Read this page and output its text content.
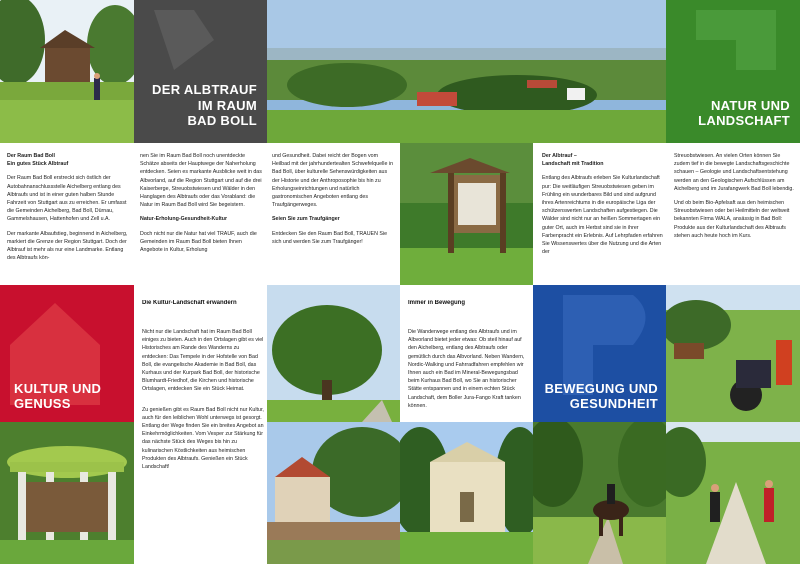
DER ALBTRAUF
IM RAUM
BAD BOLL
NATUR UND
LANDSCHAFT
Der Raum Bad Boll
Ein gutes Stück Albtrauf
Der Raum Bad Boll erstreckt sich östlich der Autobahnanschlussstelle Aichelberg entlang des Albtraufs und ist in einer guten halben Stunde Fahrzeit von Stuttgart aus zu erreichen. Er umfasst die Gemeinden Aichelberg, Bad Boll, Dürnau, Gammelshausen, Hattenhofen und Zell u.A.
Der markante Albaufstieg, beginnend in Aichelberg, markiert die Grenze der Region Stuttgart. Doch der Albtrauf ist mehr als nur eine Landmarke. Entlang des Albtraufs kön-
nen Sie im Raum Bad Boll noch unentdeckte Schätze abseits der Hauptwege der Naherholung entdecken. Seien es markante Ausblicke weit in das Albvorland, auf die Region Stuttgart und auf die drei Kaiserberge, Streuobstwiesen und Wälder in den Hanglagen des Albtraufs oder das Vorabland: die Natur im Raum Bad Boll wird Sie begeistern.
Natur-Erholung-Gesundheit-Kultur
Doch nicht nur die Natur hat viel TRAUF, auch die Gemeinden im Raum Bad Boll bieten Ihnen Angebote in Kultur, Erholung
und Gesundheit. Dabei reicht der Bogen vom Heilbad mit der jahrhundertealten Schwefelquelle in Bad Boll, über kulturelle Sehenswürdigkeiten aus der Historie und der Anthroposophie bis hin zu Erholungseinrichtungen und natürlich gastronomischen Angeboten entlang des Traufgängerweges.
Seien Sie zum Traufgänger
Entdecken Sie den Raum Bad Boll, TRAUEN Sie sich und werden Sie zum Traufgänger!
Der Albtrauf –
Landschaft mit Tradition
Entlang des Albtraufs erleben Sie Kulturlandschaft pur: Die weitläufigen Streuobstwiesen geben im Frühling ein wunderbares Bild und sind aufgrund ihres Artenreichtums in die europäische Liga der schützenswerten Landschaften aufgestiegen. Die Wälder sind nicht nur an heißen Sommertagen ein guter Ort, auch im Herbst sind sie in ihrer Farbenpracht ein Erlebnis. Auf Lehrpfaden erfahren Sie Wissenswertes über die Nutzung und die Arten der
Streuobstwiesen. An vielen Orten können Sie zudem tief in die bewegte Landschaftsgeschichte schauen – Geologie und Landschaftsentstehung werden an den Geologischen Aufschlüssen am Aichelberg und im Jurafangwerk Bad Boll lebendig.
Und ob beim Bio-Apfelsaft aus den heimischen Streuobstwiesen oder bei Heilmitteln der weltweit bekannten Firma WALA, ansässig in Bad Boll: Produkte aus der Kulturlandschaft des Albtraufs stehen auch heute hoch im Kurs.
KULTUR UND
GENUSS
Die Kultur-Landschaft erwandern
Nicht nur die Landschaft hat im Raum Bad Boll einiges zu bieten. Auch in den Ortslagen gibt es viel Historisches am Rande des Wanderns zu entdecken: Das Tempele in der Hofstelle von Bad Boll, die evangelische Akademie in Bad Boll, das Kurhaus und der Kurpark Bad Boll, der historische Blumhardt-Friedhof, die Kirchen und historische Ortslagen, entdecken Sie ein Stück Heimat.
Zu genießen gibt es Raum Bad Boll nicht nur Kultur, auch für den leiblichen Wohl unterwegs ist gesorgt. Entlang der Wege finden Sie ein breites Angebot an Einkehrmöglichkeiten. Vom Vesper zur Stärkung für das nächste Stück des Weges bis hin zu kulinarischen Köstlichkeiten aus heimischen Produkten des Albtraufs. Genießen ein Stück Landschaft!
Immer in Bewegung
Die Wanderwege entlang des Albtraufs und im Albvorland bietet jeder etwas: Ob steil hinauf auf den Aichelberg, entlang des Albtraufs oder gemütlich durch das Albvorland. Neben Wandern, Nordic-Walking und Fahrradfahren empfehlen wir Ihnen auch ein Bad im Mineral-Bewegungsbad beim Kurhaus Bad Boll, wo Sie an historischer Stätte entspannen und in einem echten Stück Landschaft, dem Boller Jura-Fango Kraft tanken können.
BEWEGUNG UND
GESUNDHEIT
